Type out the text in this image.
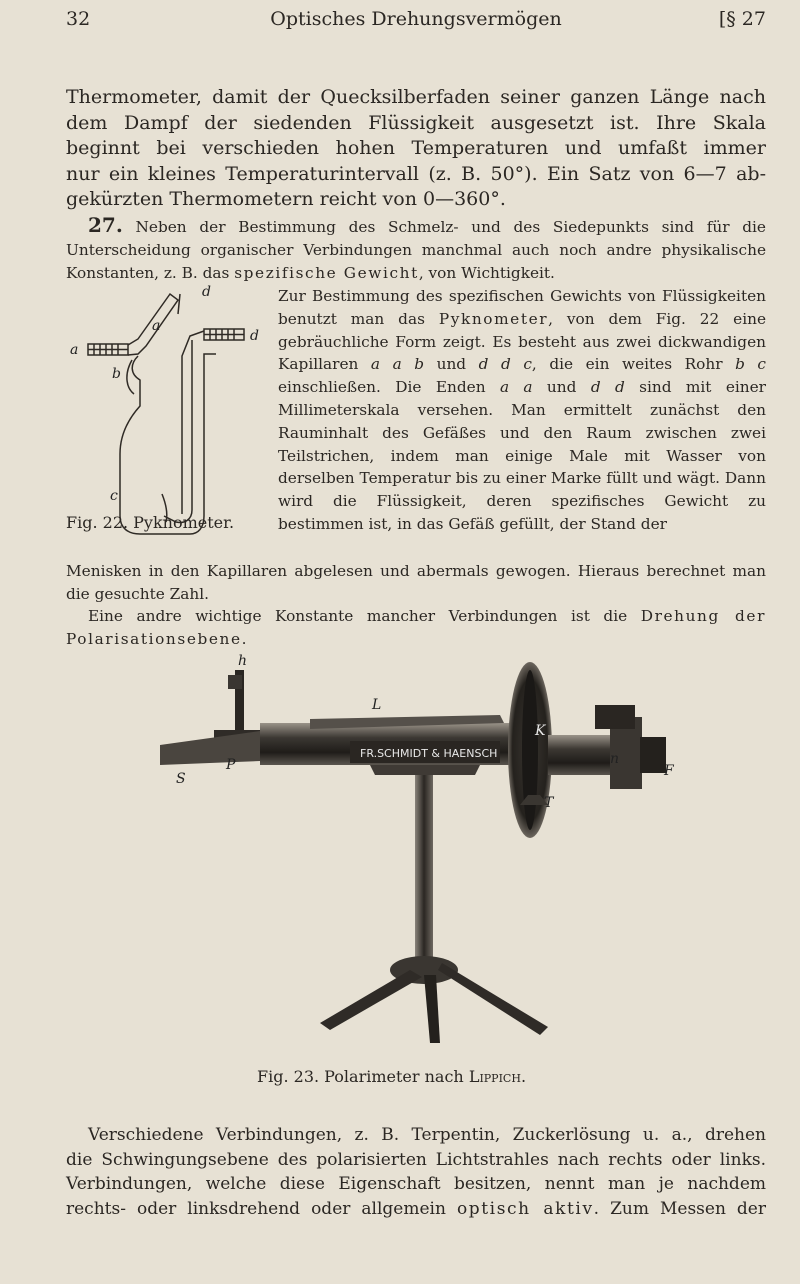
32	Optisches Drehungsvermögen	[§ 27
Thermometer, damit der Quecksilberfaden seiner ganzen Länge nach
dem Dampf der siedenden Flüssigkeit ausgesetzt ist. Ihre Skala
beginnt bei verschieden hohen Temperaturen und umfaßt immer
nur ein kleines Temperaturintervall (z. B. 50°). Ein Satz von 6—7 ab-
gekürzten Thermometern reicht von 0—360°.

27. Neben der Bestimmung des Schmelz- und des Siedepunkts sind für die Unterscheidung organischer Verbindungen manchmal auch noch andre physikalische Konstanten, z. B. das spezifische Gewicht, von Wichtigkeit.

a
a
d
d
b
c

Zur Bestimmung des spezifischen Gewichts von Flüssigkeiten benutzt man das Pyknometer, von dem Fig. 22 eine gebräuchliche Form zeigt. Es besteht aus zwei dickwandigen Kapillaren a a b und d d c, die ein weites Rohr b c einschließen. Die Enden a a und d d sind mit einer Millimeterskala versehen. Man ermittelt zunächst den Rauminhalt des Gefäßes und den Raum zwischen zwei Teilstrichen, indem man einige Male mit Wasser von derselben Temperatur bis zu einer Marke füllt und wägt. Dann wird die Flüssigkeit, deren spezifisches Gewicht zu bestimmen ist, in das Gefäß gefüllt, der Stand der

Fig. 22. Pyknometer.

Menisken in den Kapillaren abgelesen und abermals gewogen. Hieraus berechnet man die gesuchte Zahl.

Eine andre wichtige Konstante mancher Verbindungen ist die Drehung der Polarisationsebene.

FR.SCHMIDT & HAENSCH
h
L
S
P
K
n
F
T
Fig. 23. Polarimeter nach Lippich.
Verschiedene Verbindungen, z. B. Terpentin, Zuckerlösung u. a., drehen
die Schwingungsebene des polarisierten Lichtstrahles nach rechts oder links.
Verbindungen, welche diese Eigenschaft besitzen, nennt man je nachdem
rechts- oder linksdrehend oder allgemein optisch aktiv. Zum Messen der
